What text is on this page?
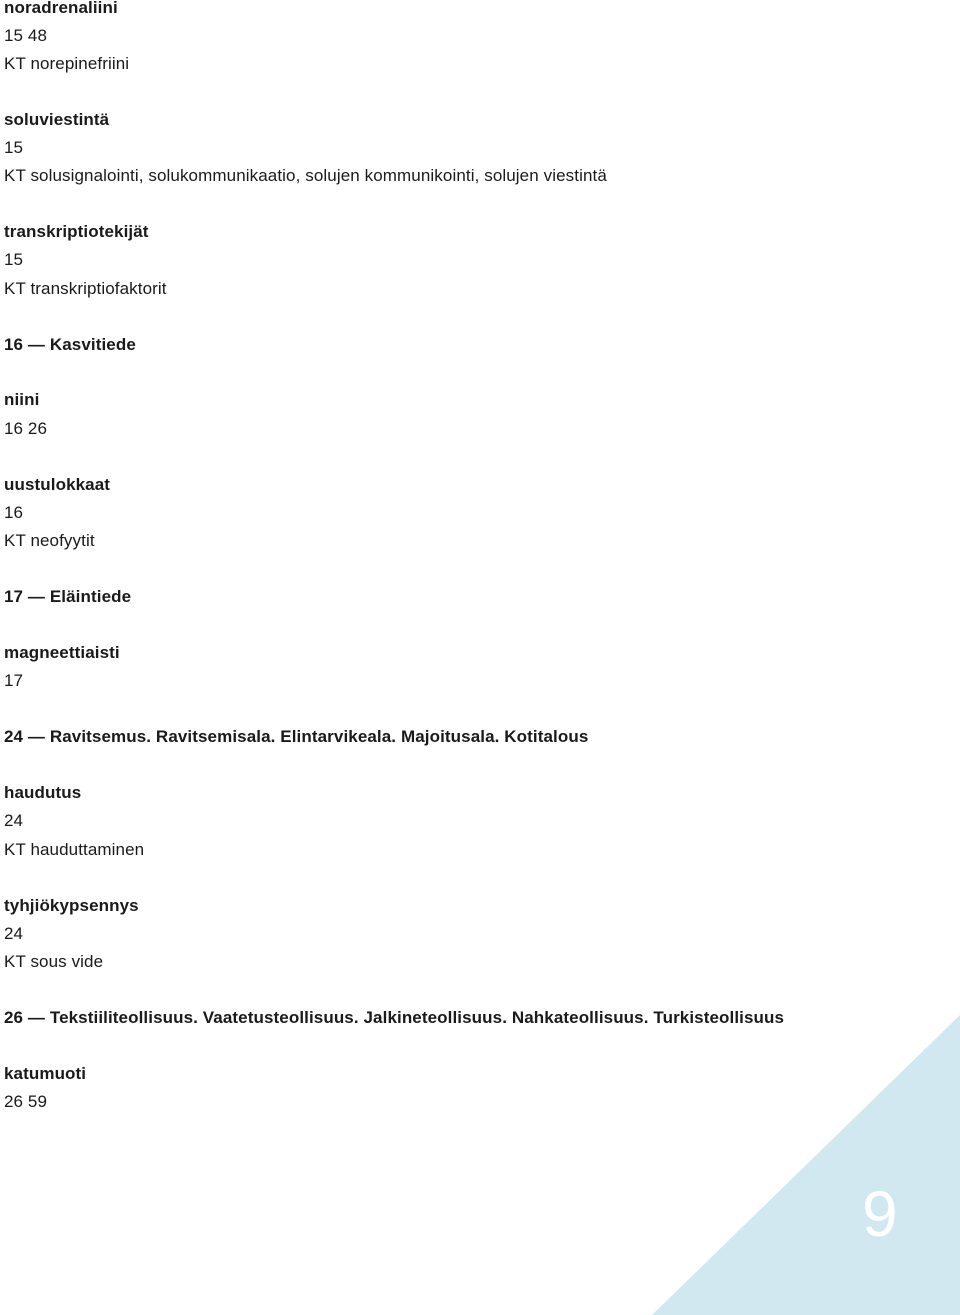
9
noradrenaliini
15 48
KT norepinefriini
soluviestintä
15
KT solusignalointi, solukommunikaatio, solujen kommunikointi, solujen viestintä
transkriptiotekijät
15
KT transkriptiofaktorit
16 — Kasvitiede
niini
16 26
uustulokkaat
16
KT neofyytit
17 — Eläintiede
magneettiaisti
17
24 — Ravitsemus. Ravitsemisala. Elintarvikeala. Majoitusala. Kotitalous
haudutus
24
KT hauduttaminen
tyhjiökypsennys
24
KT sous vide
26 — Tekstiiliteollisuus. Vaatetusteollisuus. Jalkineteollisuus. Nahkateollisuus. Turkisteollisuus
katumuoti
26 59
